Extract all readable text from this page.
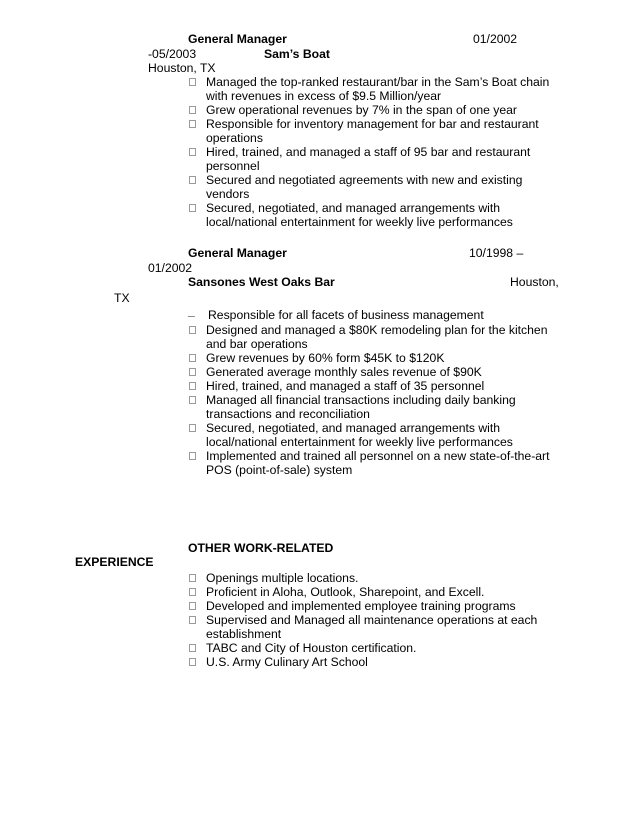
General Manager	01/2002
-05/2003	Sam’s Boat
Houston, TX
Managed the top-ranked restaurant/bar in the Sam’s Boat chain
with revenues in excess of $9.5 Million/year
Grew operational revenues by 7% in the span of one year
Responsible for inventory management for bar and restaurant
operations
Hired, trained, and managed a staff of 95 bar and restaurant
personnel
Secured and negotiated agreements with new and existing
vendors
Secured, negotiated, and managed arrangements with
local/national entertainment for weekly live performances
General Manager	10/1998 –
01/2002
Sansones West Oaks Bar	Houston,
TX
_ Responsible for all facets of business management
Designed and managed a $80K remodeling plan for the kitchen
and bar operations
Grew revenues by 60% form $45K to $120K
Generated average monthly sales revenue of $90K
Hired, trained, and managed a staff of 35 personnel
Managed all financial transactions including daily banking
transactions and reconciliation
Secured, negotiated, and managed arrangements with
local/national entertainment for weekly live performances
Implemented and trained all personnel on a new state-of-the-art
POS (point-of-sale) system
OTHER WORK-RELATED
EXPERIENCE
Openings multiple locations.
Proficient in Aloha, Outlook, Sharepoint, and Excell.
Developed and implemented employee training programs
Supervised and Managed all maintenance operations at each
establishment
TABC and City of Houston certification.
U.S. Army Culinary Art School
